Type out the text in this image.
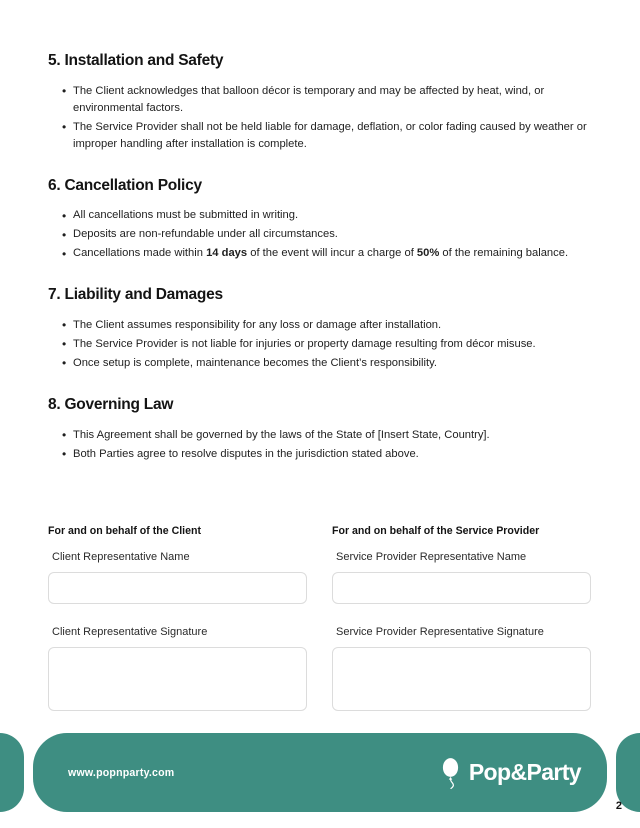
5. Installation and Safety
• The Client acknowledges that balloon décor is temporary and may be affected by heat, wind, or environmental factors.
• The Service Provider shall not be held liable for damage, deflation, or color fading caused by weather or improper handling after installation is complete.
6. Cancellation Policy
• All cancellations must be submitted in writing.
• Deposits are non-refundable under all circumstances.
• Cancellations made within 14 days of the event will incur a charge of 50% of the remaining balance.
7. Liability and Damages
• The Client assumes responsibility for any loss or damage after installation.
• The Service Provider is not liable for injuries or property damage resulting from décor misuse.
• Once setup is complete, maintenance becomes the Client’s responsibility.
8. Governing Law
• This Agreement shall be governed by the laws of the State of [Insert State, Country].
• Both Parties agree to resolve disputes in the jurisdiction stated above.
For and on behalf of the Client
Client Representative Name
Client Representative Signature
For and on behalf of the Service Provider
Service Provider Representative Name
Service Provider Representative Signature
www.popnparty.com	Pop&Party
2
